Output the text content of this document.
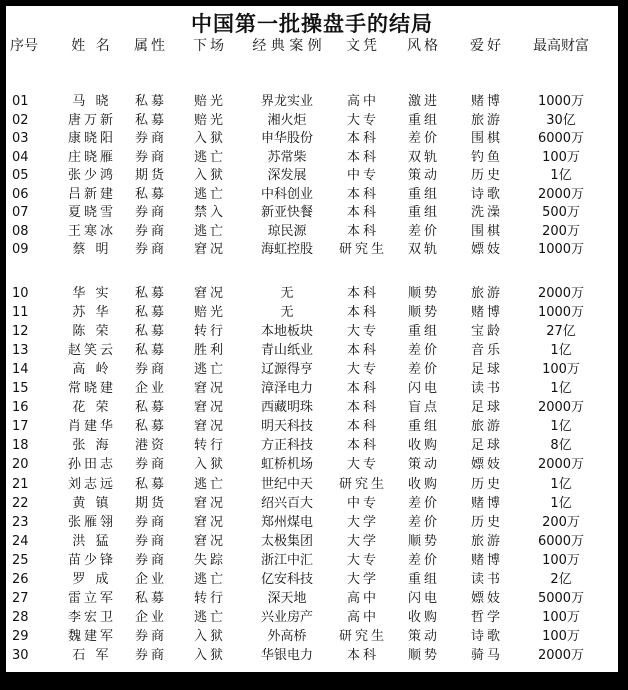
中国第一批操盘手的结局
序号	姓 名	属性	下场	经 典 案 例	文凭	风格	爱好	最高财富
01	马 晓	私募	赔光	界龙实业	高中	激进	赌博	1000万
02	唐万新	私募	赔光	湘火炬	大专	重组	旅游	30亿
03	康晓阳	券商	入狱	申华股份	本科	差价	围棋	6000万
04	庄晓雁	券商	逃亡	苏常柴	本科	双轨	钓鱼	100万
05	张少鸿	期货	入狱	深发展	中专	策动	历史	1亿
06	吕新建	私募	逃亡	中科创业	本科	重组	诗歌	2000万
07	夏晓雪	券商	禁入	新亚快餐	本科	重组	洗澡	500万
08	王寒冰	券商	逃亡	琼民源	本科	差价	围棋	200万
09	蔡 明	券商	窘况	海虹控股	研究生	双轨	嫖妓	1000万
10	华 实	私募	窘况	无	本科	顺势	旅游	2000万
11	苏 华	私募	赔光	无	本科	顺势	赌博	1000万
12	陈 荣	私募	转行	本地板块	大专	重组	宝龄	27亿
13	赵笑云	私募	胜利	青山纸业	本科	差价	音乐	1亿
14	高 岭	券商	逃亡	辽源得亨	大专	差价	足球	100万
15	常晓建	企业	窘况	漳泽电力	本科	闪电	读书	1亿
16	花 荣	私募	窘况	西藏明珠	本科	盲点	足球	2000万
17	肖建华	私募	窘况	明天科技	本科	重组	旅游	1亿
18	张 海	港资	转行	方正科技	本科	收购	足球	8亿
20	孙田志	券商	入狱	虹桥机场	大专	策动	嫖妓	2000万
21	刘志远	私募	逃亡	世纪中天	研究生	收购	历史	1亿
22	黄 镇	期货	窘况	绍兴百大	中专	差价	赌博	1亿
23	张雁翎	券商	窘况	郑州煤电	大学	差价	历史	200万
24	洪 猛	券商	窘况	太极集团	大学	顺势	旅游	6000万
25	苗少锋	券商	失踪	浙江中汇	大专	差价	赌博	100万
26	罗 成	企业	逃亡	亿安科技	大学	重组	读书	2亿
27	雷立军	私募	转行	深天地	高中	闪电	嫖妓	5000万
28	李宏卫	企业	逃亡	兴业房产	高中	收购	哲学	100万
29	魏建军	券商	入狱	外高桥	研究生	策动	诗歌	100万
30	石 军	券商	入狱	华银电力	本科	顺势	骑马	2000万
